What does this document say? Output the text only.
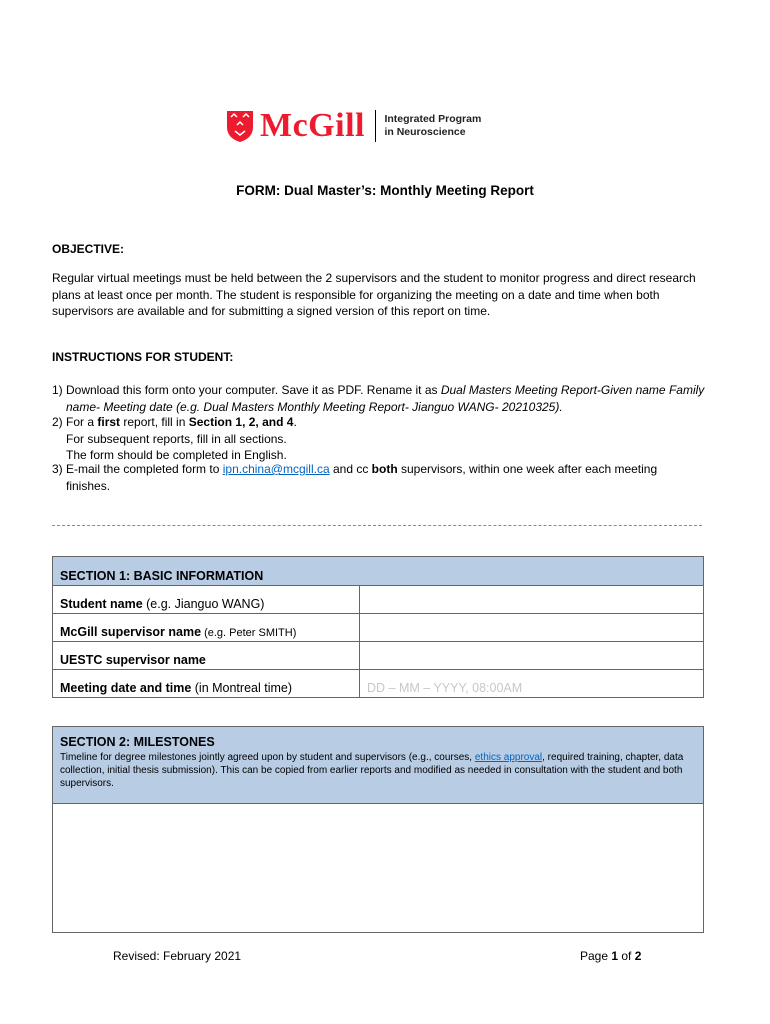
McGill Integrated Program
in Neuroscience
FORM: Dual Master’s: Monthly Meeting Report
OBJECTIVE:
Regular virtual meetings must be held between the 2 supervisors and the student to monitor progress and direct research plans at least once per month. The student is responsible for organizing the meeting on a date and time when both supervisors are available and for submitting a signed version of this report on time.
INSTRUCTIONS FOR STUDENT:
1) Download this form onto your computer. Save it as PDF. Rename it as Dual Masters Meeting Report-Given name Family name- Meeting date (e.g. Dual Masters Monthly Meeting Report- Jianguo WANG- 20210325).
2) For a first report, fill in Section 1, 2, and 4.
For subsequent reports, fill in all sections.
The form should be completed in English.
3) E-mail the completed form to ipn.china@mcgill.ca and cc both supervisors, within one week after each meeting finishes.
SECTION 1: BASIC INFORMATION	
Student name (e.g. Jianguo WANG)	
McGill supervisor name (e.g. Peter SMITH)	
UESTC supervisor name	
Meeting date and time (in Montreal time)	DD – MM – YYYY, 08:00AM
SECTION 2: MILESTONES
Timeline for degree milestones jointly agreed upon by student and supervisors (e.g., courses, ethics approval, required training, chapter, data collection, initial thesis submission). This can be copied from earlier reports and modified as needed in consultation with the student and both supervisors.

Revised: February 2021	Page 1 of 2
